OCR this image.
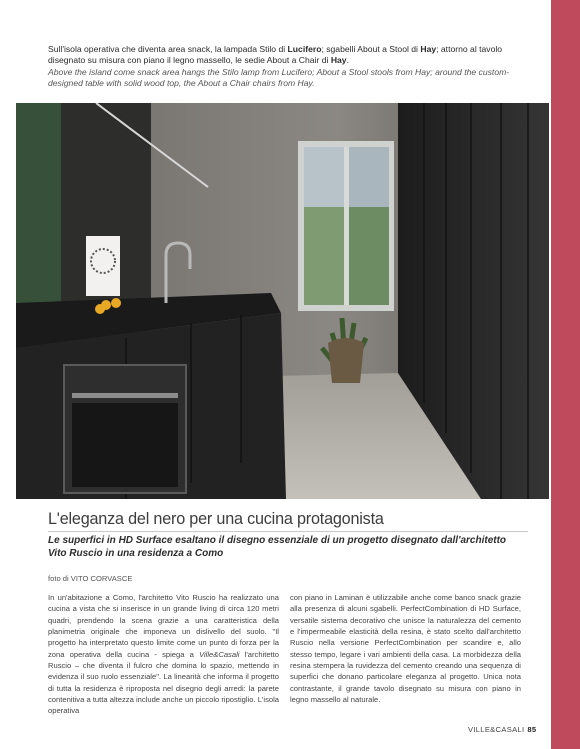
Sull'isola operativa che diventa area snack, la lampada Stilo di Lucifero; sgabelli About a Stool di Hay; attorno al tavolo disegnato su misura con piano il legno massello, le sedie About a Chair di Hay.
Above the island come snack area hangs the Stilo lamp from Lucifero; About a Stool stools from Hay; around the custom-designed table with solid wood top, the About a Chair chairs from Hay.
L'eleganza del nero per una cucina protagonista

Le superfici in HD Surface esaltano il disegno essenziale di un progetto disegnato dall'architetto Vito Ruscio in una residenza a Como

foto di VITO CORVASCE

In un'abitazione a Como, l'architetto Vito Ruscio ha realizzato una cucina a vista che si inserisce in un grande living di circa 120 metri quadri, prendendo la scena grazie a una caratteristica della planimetria originale che imponeva un dislivello del suolo. "Il progetto ha interpretato questo limite come un punto di forza per la zona operativa della cucina - spiega a Ville&Casali l'architetto Ruscio – che diventa il fulcro che domina lo spazio, mettendo in evidenza il suo ruolo essenziale". La linearità che informa il progetto di tutta la residenza è riproposta nel disegno degli arredi: la parete contenitiva a tutta altezza include anche un piccolo ripostiglio. L'isola operativa

con piano in Laminan è utilizzabile anche come banco snack grazie alla presenza di alcuni sgabelli. PerfectCombination di HD Surface, versatile sistema decorativo che unisce la naturalezza del cemento e l'impermeabile elasticità della resina, è stato scelto dall'architetto Ruscio nella versione PerfectCombination per scandire e, allo stesso tempo, legare i vari ambienti della casa. La morbidezza della resina stempera la ruvidezza del cemento creando una sequenza di superfici che donano particolare eleganza al progetto. Unica nota contrastante, il grande tavolo disegnato su misura con piano in legno massello al naturale.

VILLE&CASALI 85
